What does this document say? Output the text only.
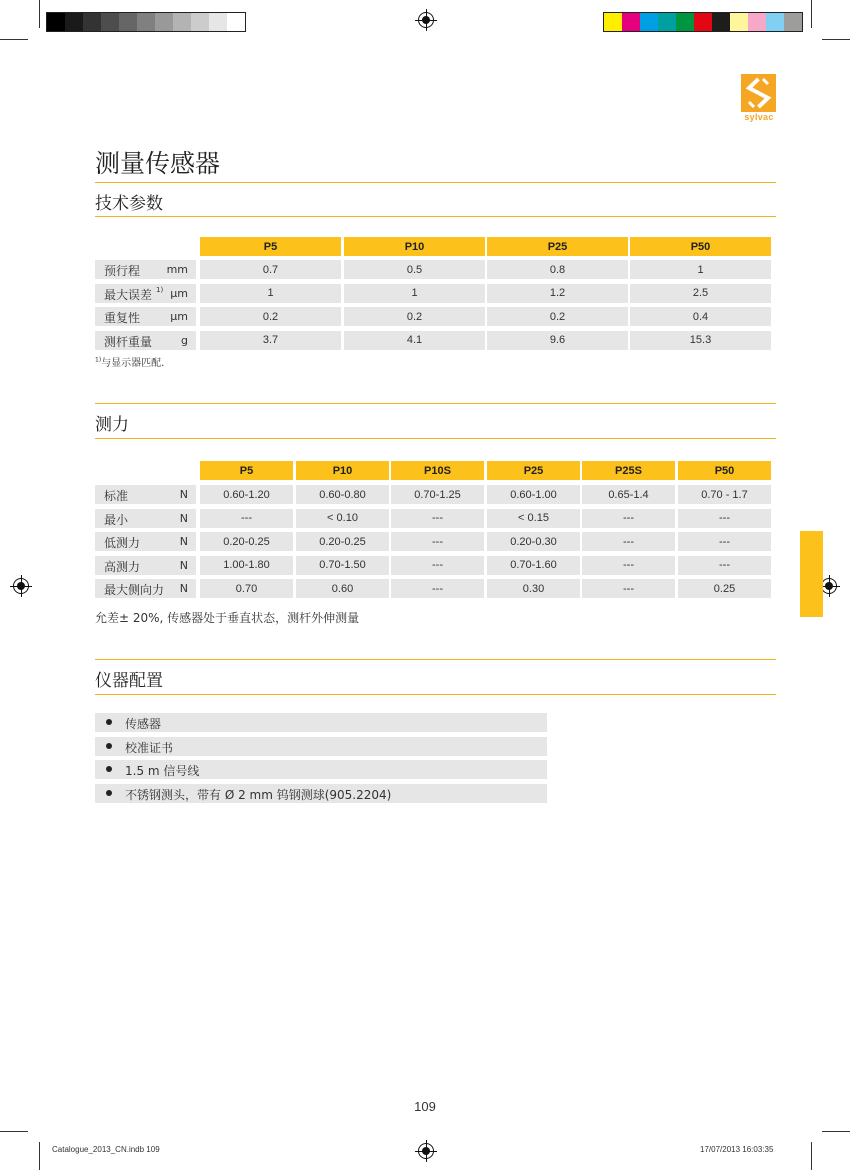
sylvac
测量传感器
技术参数
P5	P10	P25	P50
预行程 mm	0.7	0.5	0.8	1
最大误差 $^{1)}$ μm	1	1	1.2	2.5
重复性	μm	0.2	0.2	0.2	0.4
测杆重量	g	3.7	4.1	9.6	15.3
$^{1)}$与显示器匹配.
测力
P5	P10	P10S	P25	P25S	P50
标准	N	0.60-1.20	0.60-0.80	0.70-1.25	0.60-1.00	0.65-1.4	0.70 - 1.7
最小	N	---	< 0.10	---	< 0.15	---	---
低测力	N	0.20-0.25	0.20-0.25	---	0.20-0.30	---	---
高测力	N	1.00-1.80	0.70-1.50	---	0.70-1.60	---	---
最大侧向力 N	0.70	0.60	---	0.30	---	0.25
允差± 20%, 传感器处于垂直状态，测杆外伸测量
仪器配置
传感器
校准证书
1.5 m 信号线
不锈钢测头，带有 Ø 2 mm 钨钢测球(905.2204)
109
Catalogue_2013_CN.indb 109	17/07/2013 16:03:35
